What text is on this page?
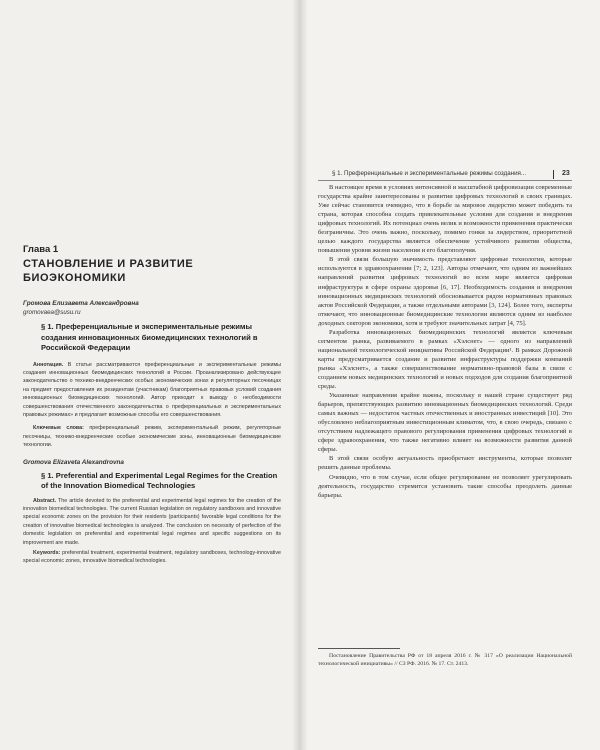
Глава 1
СТАНОВЛЕНИЕ И РАЗВИТИЕ БИОЭКОНОМИКИ
Громова Елизавета Александровна
gromovaea@susu.ru
§ 1. Преференциальные и экспериментальные режимы создания инновационных биомедицинских технологий в Российской Федерации
Аннотация. В статье рассматриваются преференциальные и экспериментальные режимы создания инновационных биомедицинских технологий в России. Проанализировано действующее законодательство о технико-внедренческих особых экономических зонах и регуляторных песочницах на предмет предоставления их резидентам (участникам) благоприятных правовых условий создания инновационных биомедицинских технологий. Автор приходит к выводу о необходимости совершенствования отечественного законодательства о преференциальных и экспериментальных правовых режимах» и предлагает возможные способы его совершенствования.
Ключевые слова: преференциальный режим, экспериментальный режим, регуляторные песочницы, технико-внедренческие особые экономические зоны, инновационные биомедицинские технологии.
Gromova Elizaveta Alexandrovna
§ 1. Preferential and Experimental Legal Regimes for the Creation of the Innovation Biomedical Technologies
Abstract. The article devoted to the preferential and experimental legal regimes for the creation of the innovation biomedical technologies. The current Russian legislation on regulatory sandboxes and innovative special economic zones on the provision for their residents (participants) favorable legal conditions for the creation of innovative biomedical technologies is analyzed. The conclusion on necessity of perfection of the domestic legislation on preferential and experimental legal regimes and specific suggestions on its improvement are made.
Keywords: preferential treatment, experimental treatment, regulatory sandboxes, technology-innovative special economic zones, innovative biomedical technologies.
§ 1. Преференциальные и экспериментальные режимы создания...	23

В настоящее время в условиях интенсивной и масштабной цифровизации современные государства крайне заинтересованы в развитии цифровых технологий в своих границах. Уже сейчас становится очевидно, что в борьбе за мировое лидерство может победить та страна, которая способна создать привлекательные условия для создания и внедрения цифровых технологий. Их потенциал очень велик и возможности применения практически безграничны. Это очень важно, поскольку, помимо гонки за лидерством, приоритетной целью каждого государства является обеспечение устойчивого развития общества, повышения уровня жизни населения и его благополучия.

В этой связи большую значимость представляют цифровые технологии, которые используются в здравоохранении [7; 2, 123]. Авторы отмечают, что одним из важнейших направлений развития цифровых технологий во всем мире является цифровая инфраструктура в сфере охраны здоровья [6, 17]. Необходимость создания и внедрения инновационных медицинских технологий обосновывается рядом нормативных правовых актов Российской Федерации, а также отдельными авторами [3, 124]. Более того, эксперты отмечают, что инновационные биомедицинские технологии являются одним из наиболее доходных секторов экономики, хотя и требуют значительных затрат [4, 75].

Разработка инновационных биомедицинских технологий является ключевым сегментом рынка, развиваемого в рамках «Хэлснет» — одного из направлений национальной технологической инициативы Российской Федерации¹. В рамках Дорожной карты предусматривается создание и развитие инфраструктуры поддержки компаний рынка «Хэлснет», а также совершенствование нормативно-правовой базы в связи с созданием новых медицинских технологий и новых подходов для создания благоприятной среды.

Указанные направления крайне важны, поскольку в нашей стране существует ряд барьеров, препятствующих развитию инновационных биомедицинских технологий. Среди самых важных — недостаток частных отечественных и иностранных инвестиций [10]. Это обусловлено неблагоприятным инвестиционным климатом, что, в свою очередь, связано с отсутствием надлежащего правового регулирования применения цифровых технологий в сфере здравоохранения, что также негативно влияет на возможности развития данной сферы.

В этой связи особую актуальность приобретают инструменты, которые позволят решить данные проблемы.

Очевидно, что в том случае, если общее регулирование не позволяет урегулировать деятельность, государство стремится установить такие способы преодолеть данные барьеры.

Постановление Правительства РФ от 18 апреля 2016 г. № 317 «О реализации Национальной технологической инициативы» // СЗ РФ. 2016. № 17. Ст. 2413.
